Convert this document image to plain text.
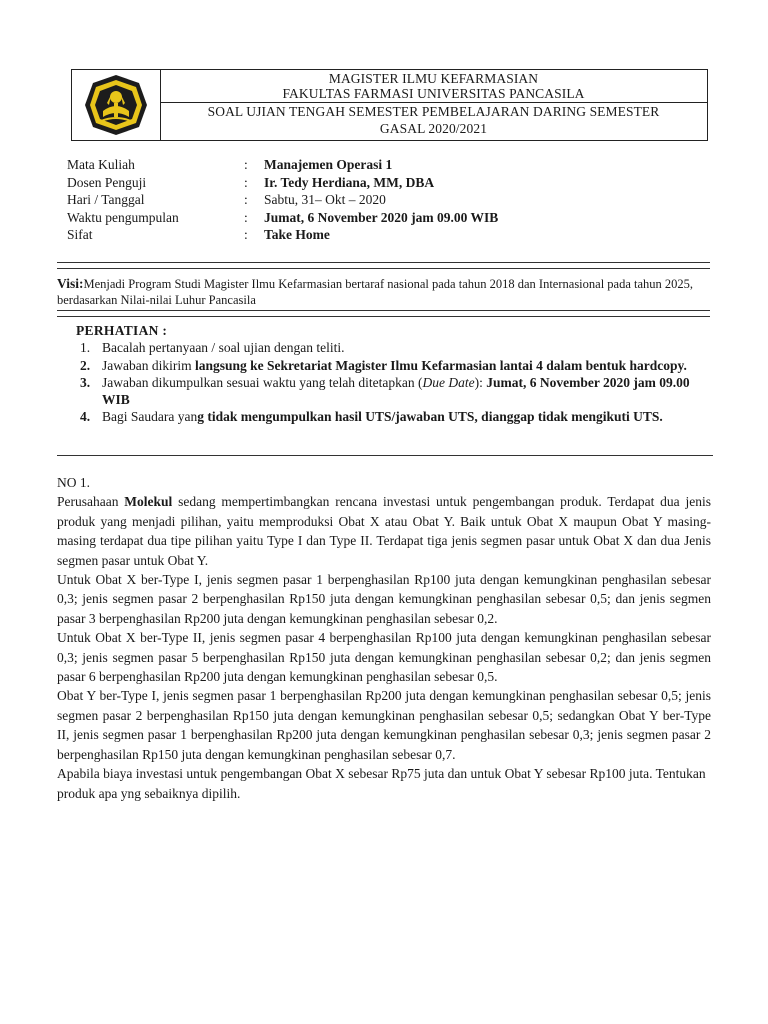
MAGISTER ILMU KEFARMASIAN
FAKULTAS FARMASI UNIVERSITAS PANCASILA
SOAL UJIAN TENGAH SEMESTER PEMBELAJARAN DARING SEMESTER
GASAL 2020/2021
Mata Kuliah	: Manajemen Operasi 1
Dosen Penguji	: Ir. Tedy Herdiana, MM, DBA
Hari / Tanggal	: Sabtu, 31– Okt – 2020
Waktu pengumpulan	: Jumat, 6 November 2020 jam 09.00 WIB
Sifat	: Take Home
Visi:Menjadi Program Studi Magister Ilmu Kefarmasian bertaraf nasional pada tahun 2018 dan Internasional pada tahun 2025, berdasarkan Nilai-nilai Luhur Pancasila
PERHATIAN :
1. Bacalah pertanyaan / soal ujian dengan teliti.
2. Jawaban dikirim langsung ke Sekretariat Magister Ilmu Kefarmasian lantai 4 dalam bentuk hardcopy.
3. Jawaban dikumpulkan sesuai waktu yang telah ditetapkan (Due Date): Jumat, 6 November 2020 jam 09.00 WIB
4. Bagi Saudara yang tidak mengumpulkan hasil UTS/jawaban UTS, dianggap tidak mengikuti UTS.

NO 1.

Perusahaan Molekul sedang mempertimbangkan rencana investasi untuk pengembangan produk. Terdapat dua jenis produk yang menjadi pilihan, yaitu memproduksi Obat X atau Obat Y. Baik untuk Obat X maupun Obat Y masing-masing terdapat dua tipe pilihan yaitu Type I dan Type II. Terdapat tiga jenis segmen pasar untuk Obat X dan dua Jenis segmen pasar untuk Obat Y.

Untuk Obat X ber-Type I, jenis segmen pasar 1 berpenghasilan Rp100 juta dengan kemungkinan penghasilan sebesar 0,3; jenis segmen pasar 2 berpenghasilan Rp150 juta dengan kemungkinan penghasilan sebesar 0,5; dan jenis segmen pasar 3 berpenghasilan Rp200 juta dengan kemungkinan penghasilan sebesar 0,2.

Untuk Obat X ber-Type II, jenis segmen pasar 4 berpenghasilan Rp100 juta dengan kemungkinan penghasilan sebesar 0,3; jenis segmen pasar 5 berpenghasilan Rp150 juta dengan kemungkinan penghasilan sebesar 0,2; dan jenis segmen pasar 6 berpenghasilan Rp200 juta dengan kemungkinan penghasilan sebesar 0,5.

Obat Y ber-Type I, jenis segmen pasar 1 berpenghasilan Rp200 juta dengan kemungkinan penghasilan sebesar 0,5; jenis segmen pasar 2 berpenghasilan Rp150 juta dengan kemungkinan penghasilan sebesar 0,5; sedangkan Obat Y ber-Type II, jenis segmen pasar 1 berpenghasilan Rp200 juta dengan kemungkinan penghasilan sebesar 0,3; jenis segmen pasar 2 berpenghasilan Rp150 juta dengan kemungkinan penghasilan sebesar 0,7.

Apabila biaya investasi untuk pengembangan Obat X sebesar Rp75 juta dan untuk Obat Y sebesar Rp100 juta. Tentukan produk apa yng sebaiknya dipilih.
